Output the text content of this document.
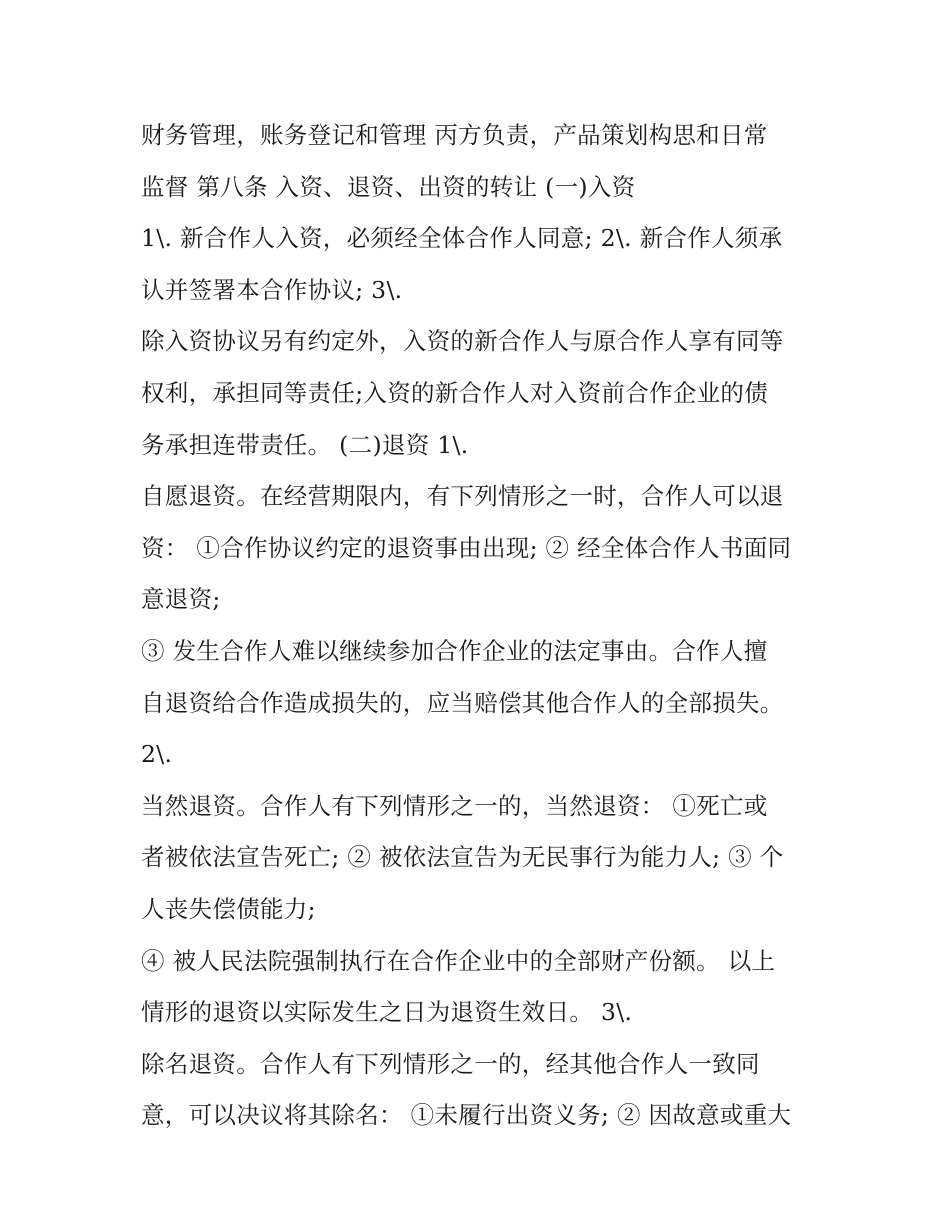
财务管理，账务登记和管理 丙方负责，产品策划构思和日常
监督 第八条 入资、退资、出资的转让 (一)入资
1\. 新合作人入资，必须经全体合作人同意; 2\. 新合作人须承
认并签署本合作协议; 3\.
除入资协议另有约定外，入资的新合作人与原合作人享有同等
权利，承担同等责任;入资的新合作人对入资前合作企业的债
务承担连带责任。 (二)退资 1\.
自愿退资。在经营期限内，有下列情形之一时，合作人可以退
资： ①合作协议约定的退资事由出现; ② 经全体合作人书面同
意退资;
③ 发生合作人难以继续参加合作企业的法定事由。合作人擅
自退资给合作造成损失的，应当赔偿其他合作人的全部损失。
2\.
当然退资。合作人有下列情形之一的，当然退资： ①死亡或
者被依法宣告死亡; ② 被依法宣告为无民事行为能力人; ③ 个
人丧失偿债能力;
④ 被人民法院强制执行在合作企业中的全部财产份额。 以上
情形的退资以实际发生之日为退资生效日。 3\.
除名退资。合作人有下列情形之一的，经其他合作人一致同
意，可以决议将其除名： ①未履行出资义务; ② 因故意或重大
